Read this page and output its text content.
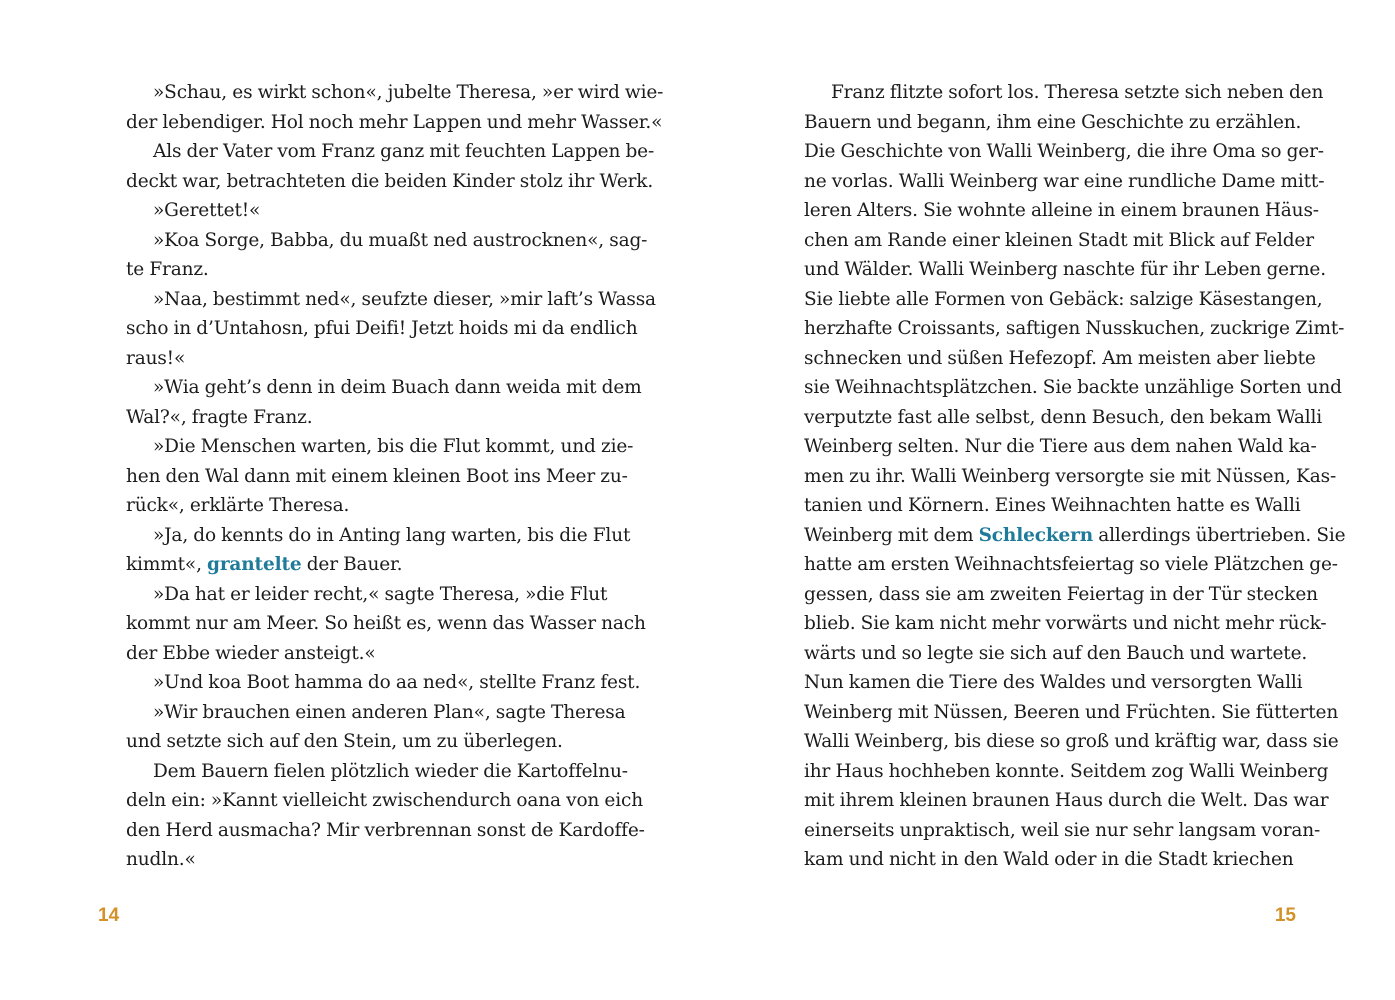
»Schau, es wirkt schon«, jubelte Theresa, »er wird wie-
der lebendiger. Hol noch mehr Lappen und mehr Wasser.«
Als der Vater vom Franz ganz mit feuchten Lappen be-
deckt war, betrachteten die beiden Kinder stolz ihr Werk.
»Gerettet!«
»Koa Sorge, Babba, du muaßt ned austrocknen«, sag-
te Franz.
»Naa, bestimmt ned«, seufzte dieser, »mir laft’s Wassa
scho in d’Untahosn, pfui Deifi! Jetzt hoids mi da endlich
raus!«
»Wia geht’s denn in deim Buach dann weida mit dem
Wal?«, fragte Franz.
»Die Menschen warten, bis die Flut kommt, und zie-
hen den Wal dann mit einem kleinen Boot ins Meer zu-
rück«, erklärte Theresa.
»Ja, do kennts do in Anting lang warten, bis die Flut
kimmt«, grantelte der Bauer.
»Da hat er leider recht,« sagte Theresa, »die Flut
kommt nur am Meer. So heißt es, wenn das Wasser nach
der Ebbe wieder ansteigt.«
»Und koa Boot hamma do aa ned«, stellte Franz fest.
»Wir brauchen einen anderen Plan«, sagte Theresa
und setzte sich auf den Stein, um zu überlegen.
Dem Bauern fielen plötzlich wieder die Kartoffelnu-
deln ein: »Kannt vielleicht zwischendurch oana von eich
den Herd ausmacha? Mir verbrennan sonst de Kardoffe-
nudln.«
14
Franz flitzte sofort los. Theresa setzte sich neben den
Bauern und begann, ihm eine Geschichte zu erzählen.
Die Geschichte von Walli Weinberg, die ihre Oma so ger-
ne vorlas. Walli Weinberg war eine rundliche Dame mitt-
leren Alters. Sie wohnte alleine in einem braunen Häus-
chen am Rande einer kleinen Stadt mit Blick auf Felder
und Wälder. Walli Weinberg naschte für ihr Leben gerne.
Sie liebte alle Formen von Gebäck: salzige Käsestangen,
herzhafte Croissants, saftigen Nusskuchen, zuckrige Zimt-
schnecken und süßen Hefezopf. Am meisten aber liebte
sie Weihnachtsplätzchen. Sie backte unzählige Sorten und
verputzte fast alle selbst, denn Besuch, den bekam Walli
Weinberg selten. Nur die Tiere aus dem nahen Wald ka-
men zu ihr. Walli Weinberg versorgte sie mit Nüssen, Kas-
tanien und Körnern. Eines Weihnachten hatte es Walli
Weinberg mit dem Schleckern allerdings übertrieben. Sie
hatte am ersten Weihnachtsfeiertag so viele Plätzchen ge-
gessen, dass sie am zweiten Feiertag in der Tür stecken
blieb. Sie kam nicht mehr vorwärts und nicht mehr rück-
wärts und so legte sie sich auf den Bauch und wartete.
Nun kamen die Tiere des Waldes und versorgten Walli
Weinberg mit Nüssen, Beeren und Früchten. Sie fütterten
Walli Weinberg, bis diese so groß und kräftig war, dass sie
ihr Haus hochheben konnte. Seitdem zog Walli Weinberg
mit ihrem kleinen braunen Haus durch die Welt. Das war
einerseits unpraktisch, weil sie nur sehr langsam voran-
kam und nicht in den Wald oder in die Stadt kriechen
15
